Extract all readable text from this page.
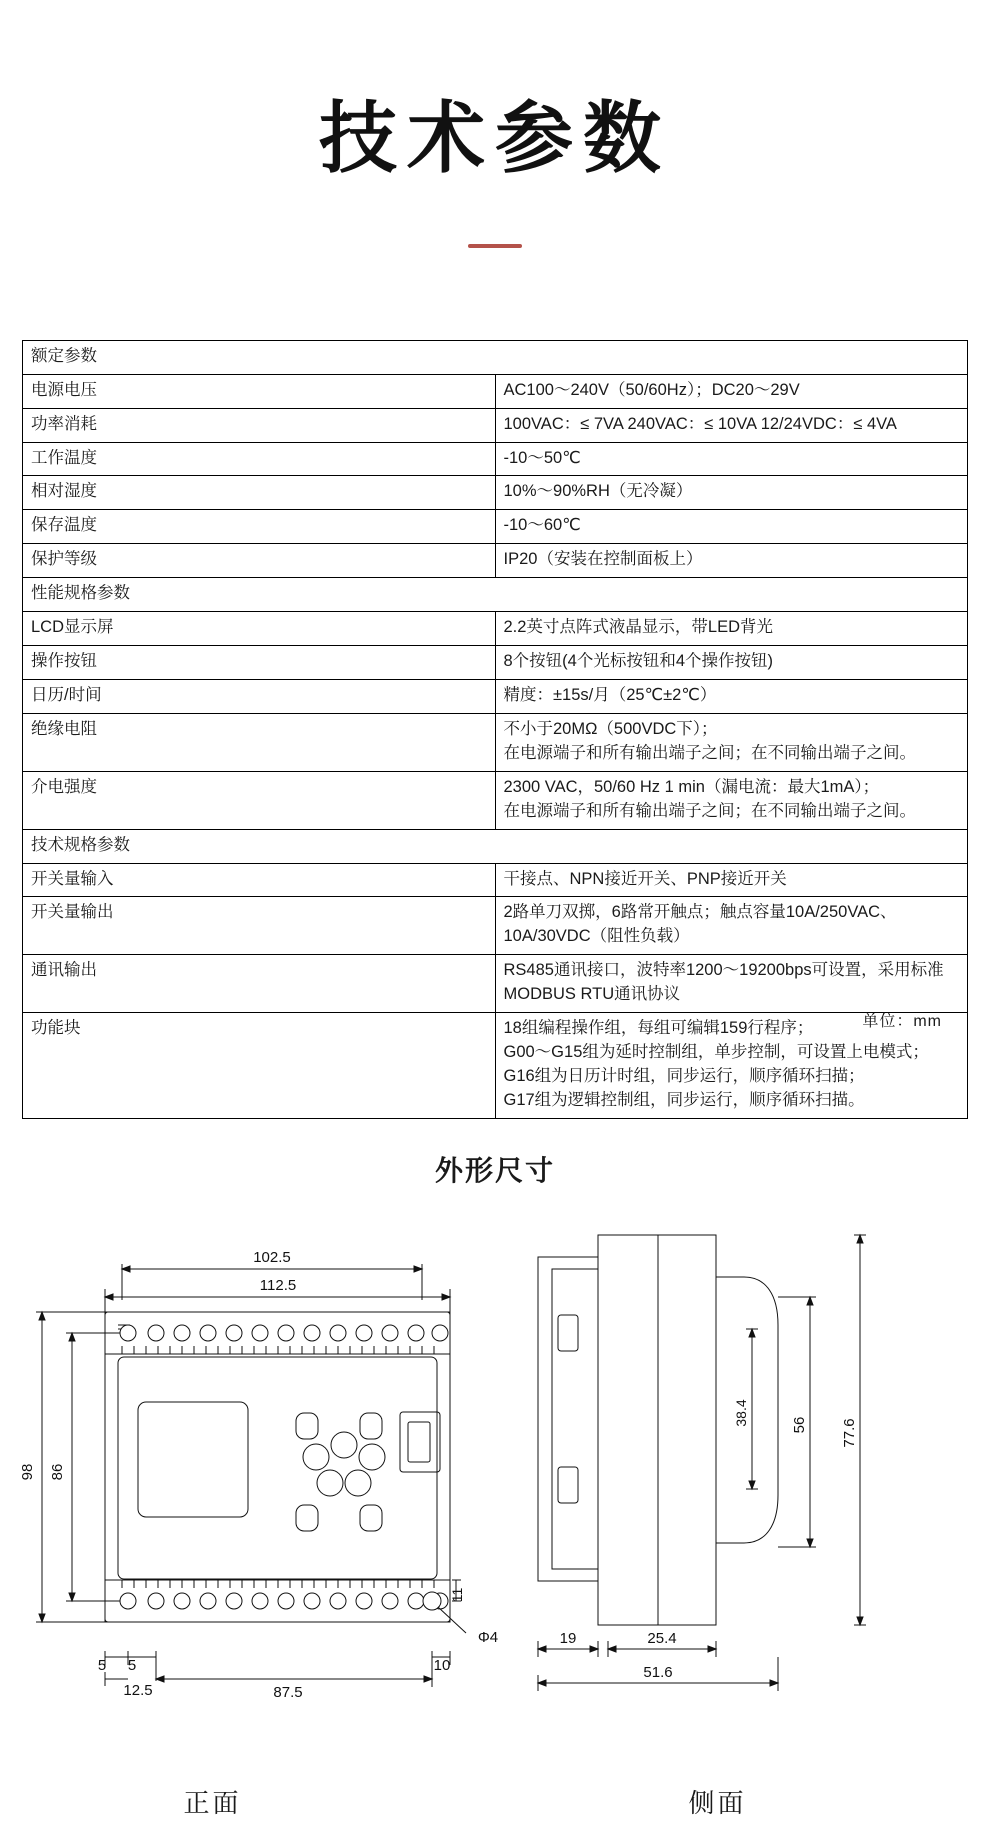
技术参数
额定参数	
电源电压	AC100～240V（50/60Hz）；DC20～29V
功率消耗	100VAC：≤ 7VA 240VAC：≤ 10VA 12/24VDC：≤ 4VA
工作温度	-10～50℃
相对湿度	10%～90%RH（无冷凝）
保存温度	-10～60℃
保护等级	IP20（安装在控制面板上）
性能规格参数	
LCD显示屏	2.2英寸点阵式液晶显示，带LED背光
操作按钮	8个按钮(4个光标按钮和4个操作按钮)
日历/时间	精度：±15s/月（25℃±2℃）
绝缘电阻	不小于20MΩ（500VDC下）；
在电源端子和所有输出端子之间；在不同输出端子之间。

介电强度	2300 VAC，50/60 Hz 1 min（漏电流：最大1mA）；
在电源端子和所有输出端子之间；在不同输出端子之间。

技术规格参数	
开关量输入	干接点、NPN接近开关、PNP接近开关
开关量输出	2路单刀双掷，6路常开触点；触点容量10A/250VAC、10A/30VDC（阻性负载）
通讯输出	RS485通讯接口，波特率1200～19200bps可设置，采用标准MODBUS RTU通讯协议
功能块	18组编程操作组，每组可编辑159行程序；
G00～G15组为延时控制组，单步控制，可设置上电模式；
G16组为日历计时组，同步运行，顺序循环扫描；
G17组为逻辑控制组，同步运行，顺序循环扫描。
外形尺寸
单位：mm
102.5
112.5
98 86
5 5
12.5	87.5
10
Φ4
11
38.4	56 77.6
19	25.4
51.6
正面	侧面
